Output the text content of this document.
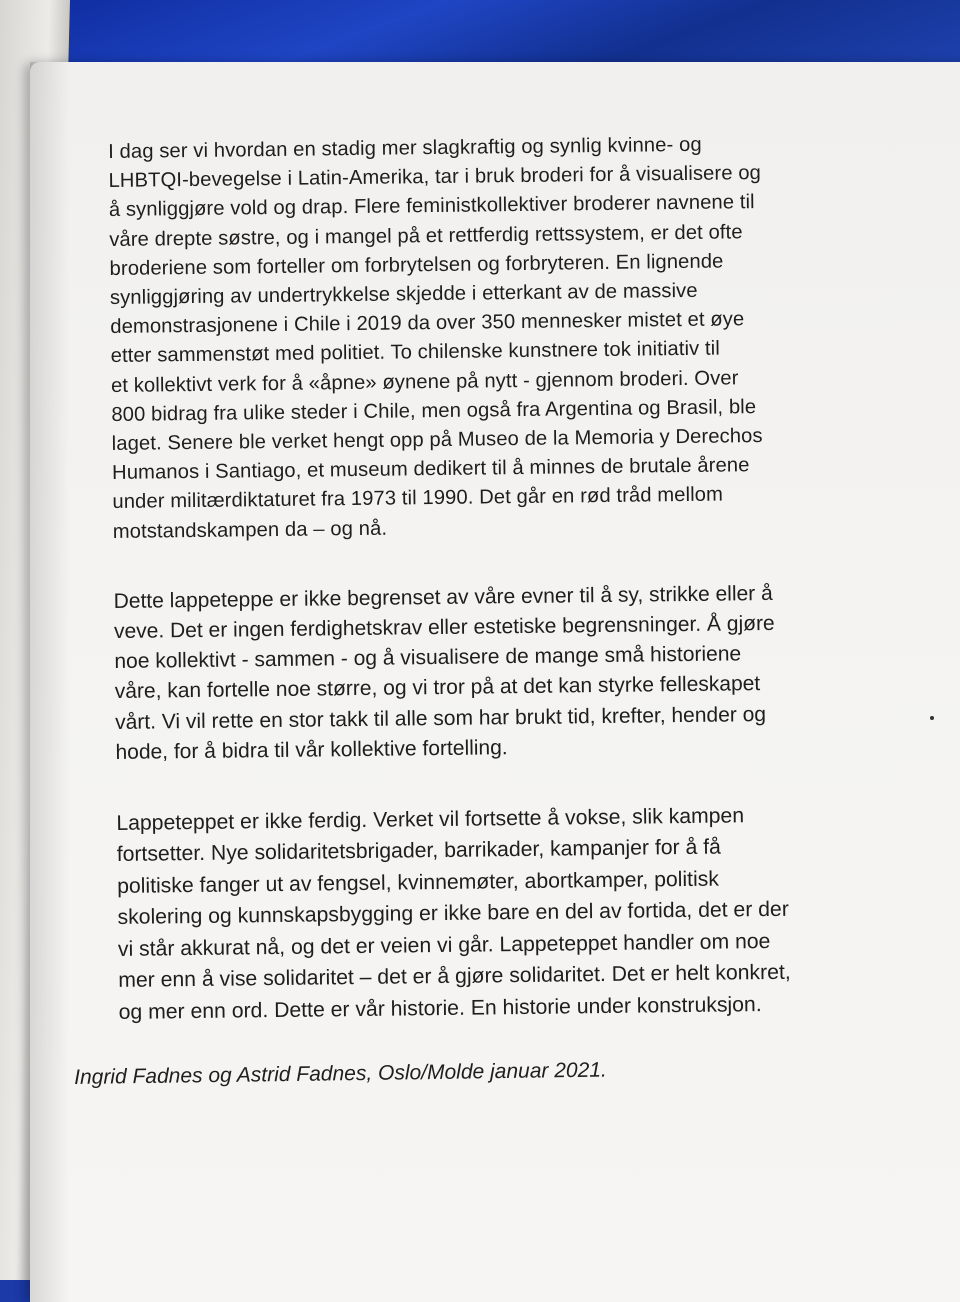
I dag ser vi hvordan en stadig mer slagkraftig og synlig kvinne- og
LHBTQI-bevegelse i Latin-Amerika, tar i bruk broderi for å visualisere og
å synliggjøre vold og drap. Flere feministkollektiver broderer navnene til
våre drepte søstre, og i mangel på et rettferdig rettssystem, er det ofte
broderiene som forteller om forbrytelsen og forbryteren. En lignende
synliggjøring av undertrykkelse skjedde i etterkant av de massive
demonstrasjonene i Chile i 2019 da over 350 mennesker mistet et øye
etter sammenstøt med politiet. To chilenske kunstnere tok initiativ til
et kollektivt verk for å «åpne» øynene på nytt - gjennom broderi. Over
800 bidrag fra ulike steder i Chile, men også fra Argentina og Brasil, ble
laget. Senere ble verket hengt opp på Museo de la Memoria y Derechos
Humanos i Santiago, et museum dedikert til å minnes de brutale årene
under militærdiktaturet fra 1973 til 1990. Det går en rød tråd mellom
motstandskampen da – og nå.
Dette lappeteppe er ikke begrenset av våre evner til å sy, strikke eller å
veve. Det er ingen ferdighetskrav eller estetiske begrensninger. Å gjøre
noe kollektivt - sammen - og å visualisere de mange små historiene
våre, kan fortelle noe større, og vi tror på at det kan styrke felleskapet
vårt. Vi vil rette en stor takk til alle som har brukt tid, krefter, hender og
hode, for å bidra til vår kollektive fortelling.
Lappeteppet er ikke ferdig. Verket vil fortsette å vokse, slik kampen
fortsetter. Nye solidaritetsbrigader, barrikader, kampanjer for å få
politiske fanger ut av fengsel, kvinnemøter, abortkamper, politisk
skolering og kunnskapsbygging er ikke bare en del av fortida, det er der
vi står akkurat nå, og det er veien vi går. Lappeteppet handler om noe
mer enn å vise solidaritet – det er å gjøre solidaritet. Det er helt konkret,
og mer enn ord. Dette er vår historie. En historie under konstruksjon.
Ingrid Fadnes og Astrid Fadnes, Oslo/Molde januar 2021.
